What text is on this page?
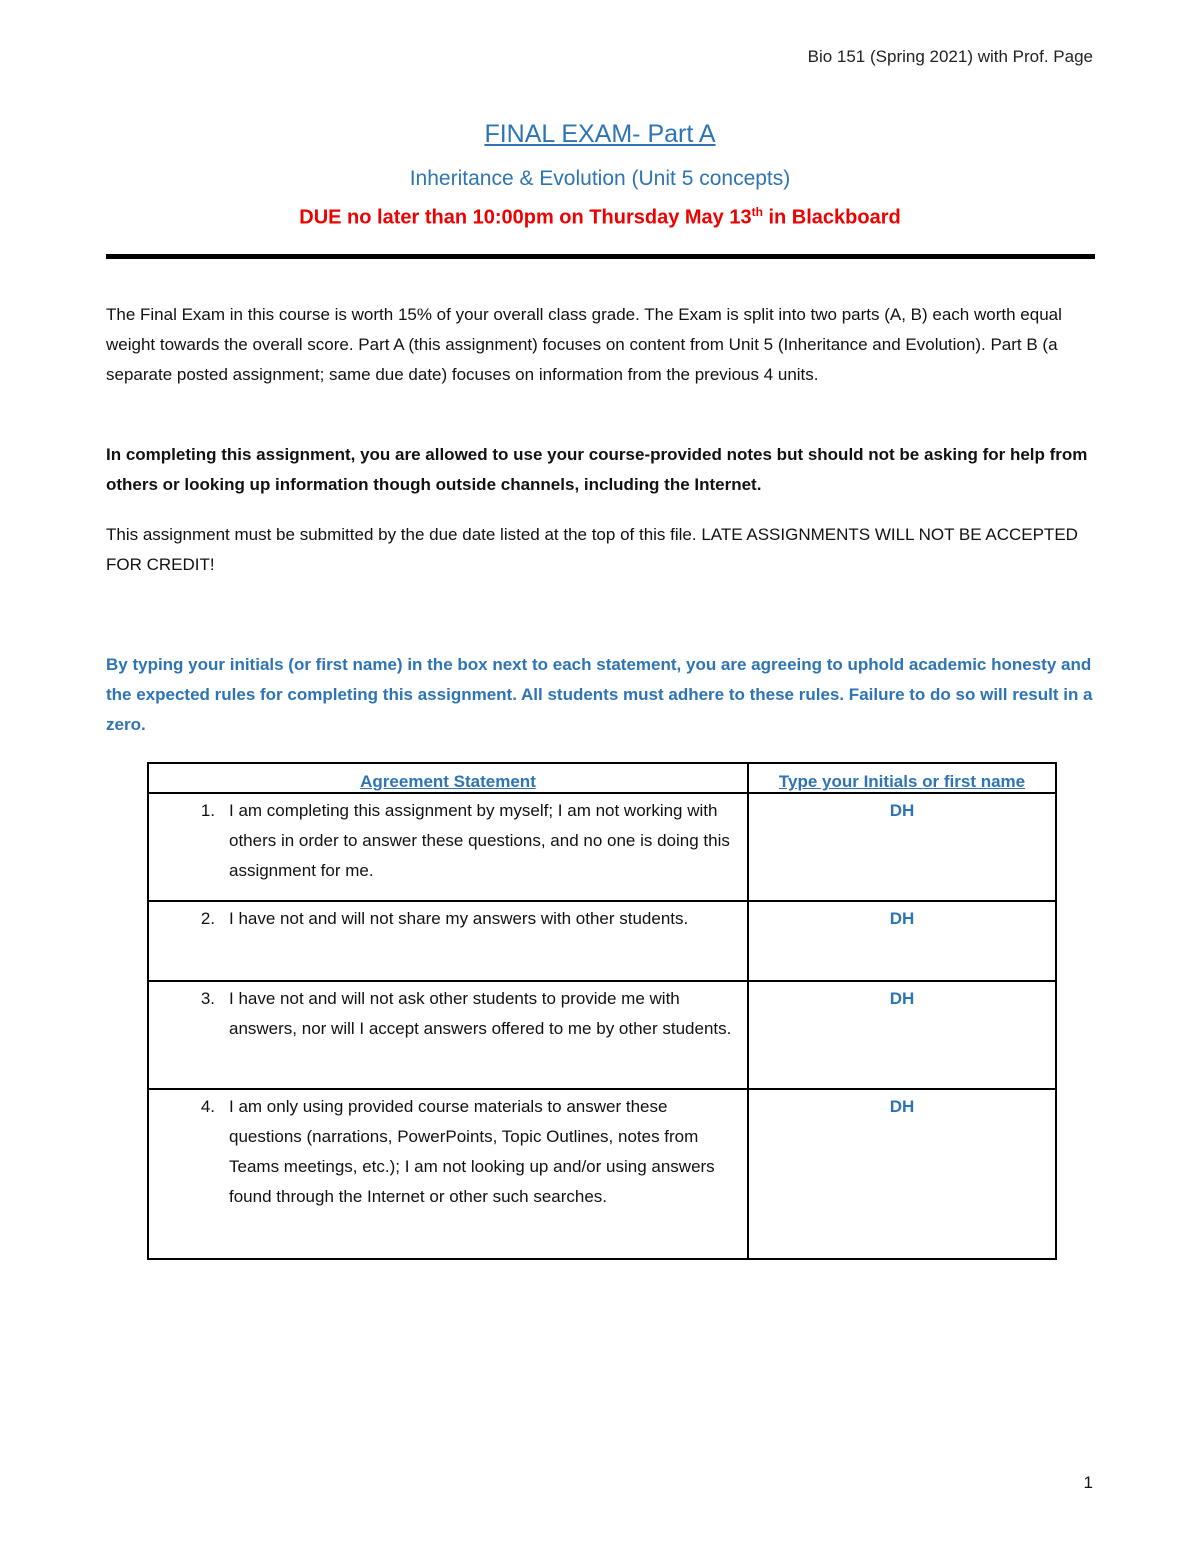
Bio 151 (Spring 2021) with Prof. Page
FINAL EXAM- Part A
Inheritance & Evolution (Unit 5 concepts)

DUE no later than 10:00pm on Thursday May 13th in Blackboard

The Final Exam in this course is worth 15% of your overall class grade. The Exam is split into two parts (A, B) each worth equal weight towards the overall score. Part A (this assignment) focuses on content from Unit 5 (Inheritance and Evolution). Part B (a separate posted assignment; same due date) focuses on information from the previous 4 units.

In completing this assignment, you are allowed to use your course-provided notes but should not be asking for help from others or looking up information though outside channels, including the Internet.

This assignment must be submitted by the due date listed at the top of this file. LATE ASSIGNMENTS WILL NOT BE ACCEPTED FOR CREDIT!

By typing your initials (or first name) in the box next to each statement, you are agreeing to uphold academic honesty and the expected rules for completing this assignment. All students must adhere to these rules. Failure to do so will result in a zero.

Agreement Statement	Type your Initials or first name

1. I am completing this assignment by myself; I am not working with others in order to answer these questions, and no one is doing this assignment for me.	DH

2. I have not and will not share my answers with other students.	DH

3. I have not and will not ask other students to provide me with answers, nor will I accept answers offered to me by other students.	DH

4. I am only using provided course materials to answer these questions (narrations, PowerPoints, Topic Outlines, notes from Teams meetings, etc.); I am not looking up and/or using answers found through the Internet or other such searches.	DH
1
